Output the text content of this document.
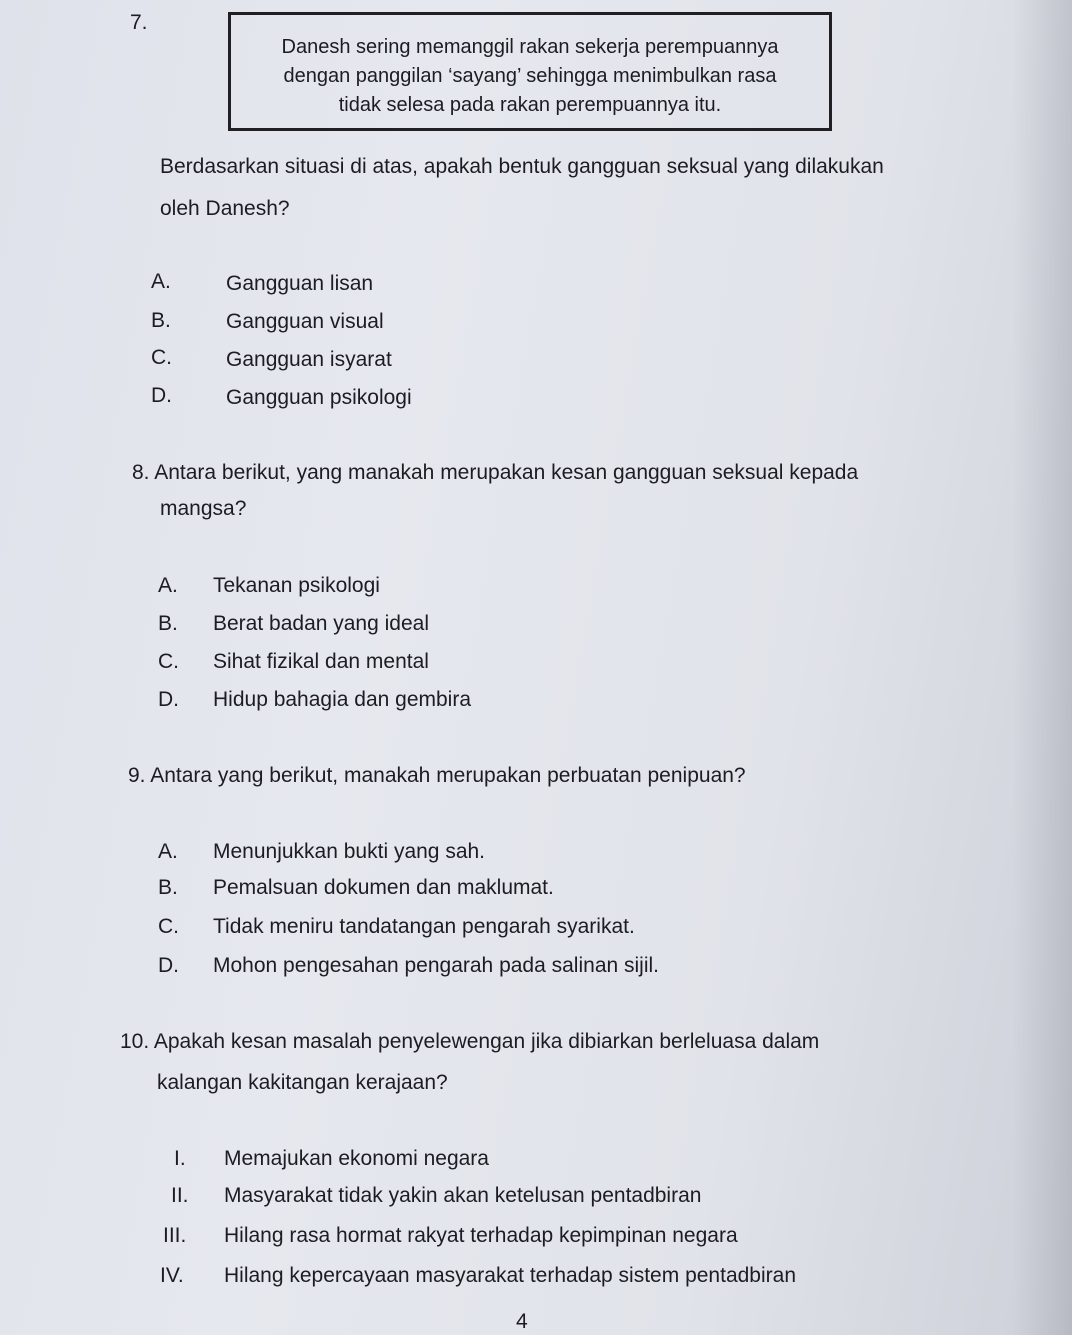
7.
Danesh sering memanggil rakan sekerja perempuannya
dengan panggilan ‘sayang’ sehingga menimbulkan rasa
tidak selesa pada rakan perempuannya itu.
Berdasarkan situasi di atas, apakah bentuk gangguan seksual yang dilakukan
oleh Danesh?
A.	Gangguan lisan
B.	Gangguan visual
C.	Gangguan isyarat
D.	Gangguan psikologi
8. Antara berikut, yang manakah merupakan kesan gangguan seksual kepada
mangsa?
A. Tekanan psikologi
B. Berat badan yang ideal
C. Sihat fizikal dan mental
D. Hidup bahagia dan gembira
9. Antara yang berikut, manakah merupakan perbuatan penipuan?
A. Menunjukkan bukti yang sah.
B. Pemalsuan dokumen dan maklumat.
C. Tidak meniru tandatangan pengarah syarikat.
D. Mohon pengesahan pengarah pada salinan sijil.
10. Apakah kesan masalah penyelewengan jika dibiarkan berleluasa dalam
kalangan kakitangan kerajaan?
I. Memajukan ekonomi negara
II. Masyarakat tidak yakin akan ketelusan pentadbiran
III. Hilang rasa hormat rakyat terhadap kepimpinan negara
IV. Hilang kepercayaan masyarakat terhadap sistem pentadbiran
4
